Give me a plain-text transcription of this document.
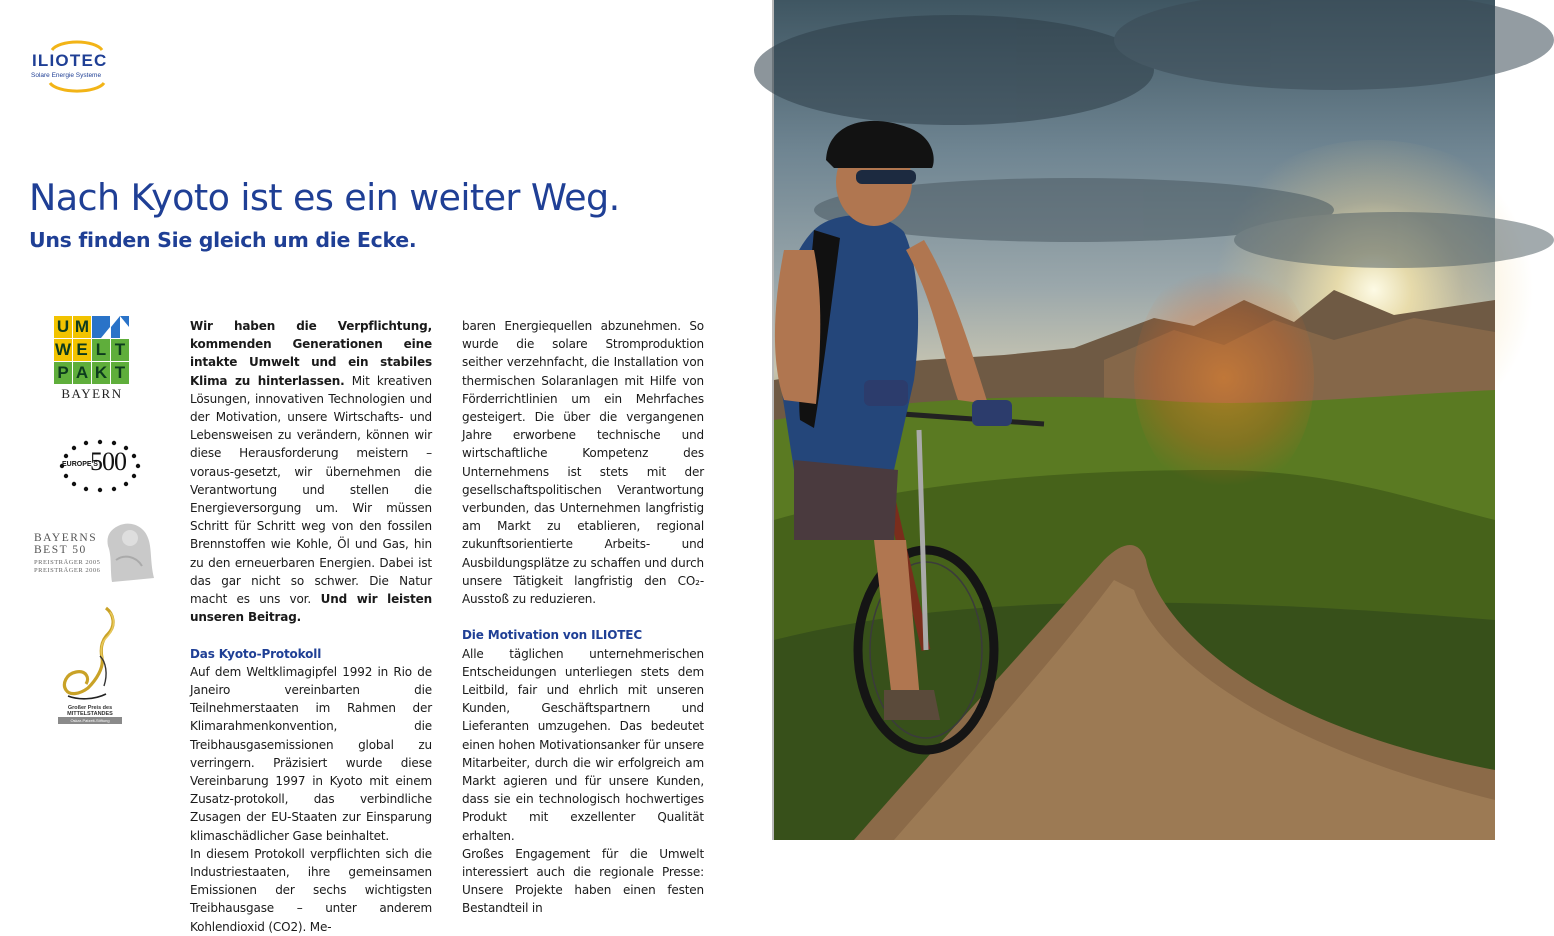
ILIOTEC
Solare Energie Systeme
Nach Kyoto ist es ein weiter Weg.
Uns finden Sie gleich um die Ecke.
U M
W E L T
P A K T
BAYERN
EUROPE'S
500
BAYERNS
BEST 50
PREISTRÄGER 2005
PREISTRÄGER 2006
Großer Preis des MITTELSTANDES
Oskar-Patzelt-Stiftung

Wir haben die Verpflichtung, kommenden Generationen eine intakte Umwelt und ein stabiles Klima zu hinterlassen. Mit kreativen Lösungen, innovativen Technologien und der Motivation, unsere Wirtschafts- und Lebensweisen zu verändern, können wir diese Herausforderung meistern – voraus-gesetzt, wir übernehmen die Verantwortung und stellen die Energieversorgung um. Wir müssen Schritt für Schritt weg von den fossilen Brennstoffen wie Kohle, Öl und Gas, hin zu den erneuerbaren Energien. Dabei ist das gar nicht so schwer. Die Natur macht es uns vor. Und wir leisten unseren Beitrag.

Das Kyoto-Protokoll

Auf dem Weltklimagipfel 1992 in Rio de Janeiro vereinbarten die Teilnehmerstaaten im Rahmen der Klimarahmenkonvention, die Treibhausgasemissionen global zu verringern. Präzisiert wurde diese Vereinbarung 1997 in Kyoto mit einem Zusatz-protokoll, das verbindliche Zusagen der EU-Staaten zur Einsparung klimaschädlicher Gase beinhaltet.

In diesem Protokoll verpflichten sich die Industriestaaten, ihre gemeinsamen Emissionen der sechs wichtigsten Treibhausgase – unter anderem Kohlendioxid (CO2). Me-

baren Energiequellen abzunehmen. So wurde die solare Stromproduktion seither verzehnfacht, die Installation von thermischen Solaranlagen mit Hilfe von Förderrichtlinien um ein Mehrfaches gesteigert. Die über die vergangenen Jahre erworbene technische und wirtschaftliche Kompetenz des Unternehmens ist stets mit der gesellschaftspolitischen Verantwortung verbunden, das Unternehmen langfristig am Markt zu etablieren, regional zukunftsorientierte Arbeits- und Ausbildungsplätze zu schaffen und durch unsere Tätigkeit langfristig den CO₂-Ausstoß zu reduzieren.

Die Motivation von ILIOTEC

Alle täglichen unternehmerischen Entscheidungen unterliegen stets dem Leitbild, fair und ehrlich mit unseren Kunden, Geschäftspartnern und Lieferanten umzugehen. Das bedeutet einen hohen Motivationsanker für unsere Mitarbeiter, durch die wir erfolgreich am Markt agieren und für unsere Kunden, dass sie ein technologisch hochwertiges Produkt mit exzellenter Qualität erhalten.

Großes Engagement für die Umwelt interessiert auch die regionale Presse: Unsere Projekte haben einen festen Bestandteil in
